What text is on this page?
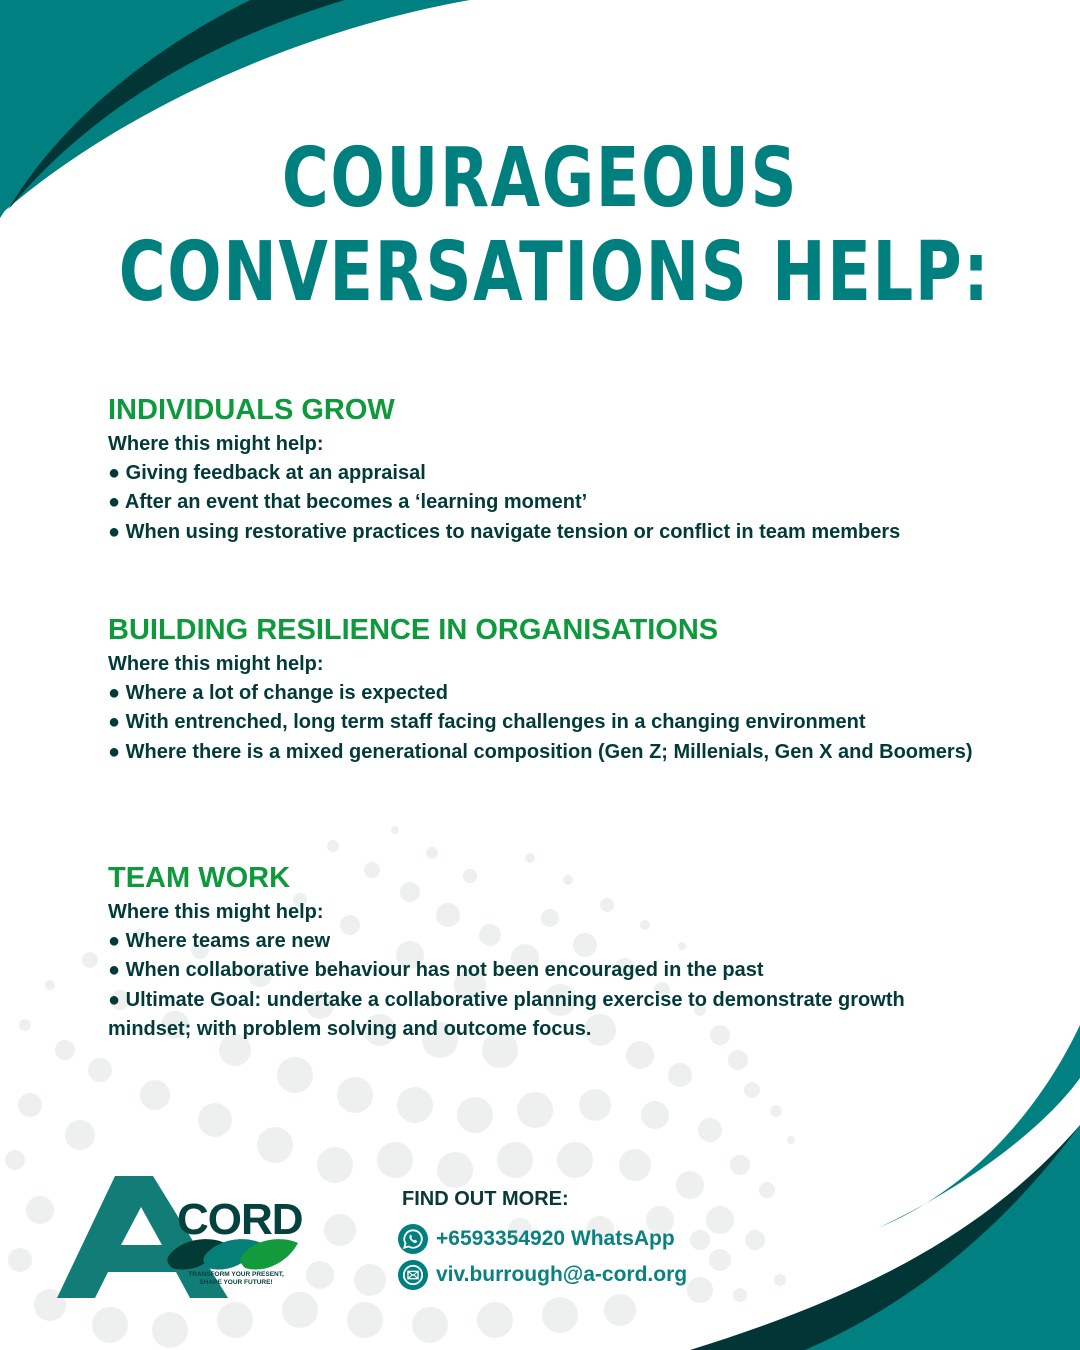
COURAGEOUS
CONVERSATIONS HELP:
INDIVIDUALS GROW
Where this might help:
● Giving feedback at an appraisal
● After an event that becomes a ‘learning moment’
● When using restorative practices to navigate tension or conflict in team members
BUILDING RESILIENCE IN ORGANISATIONS
Where this might help:
● Where a lot of change is expected
● With entrenched, long term staff facing challenges in a changing environment
● Where there is a mixed generational composition (Gen Z; Millenials, Gen X and Boomers)
TEAM WORK
Where this might help:
● Where teams are new
● When collaborative behaviour has not been encouraged in the past
● Ultimate Goal: undertake a collaborative planning exercise to demonstrate growth mindset; with problem solving and outcome focus.
CORD
TRANSFORM YOUR PRESENT,
SHAPE YOUR FUTURE!
FIND OUT MORE:
+6593354920 WhatsApp
viv.burrough@a-cord.org
